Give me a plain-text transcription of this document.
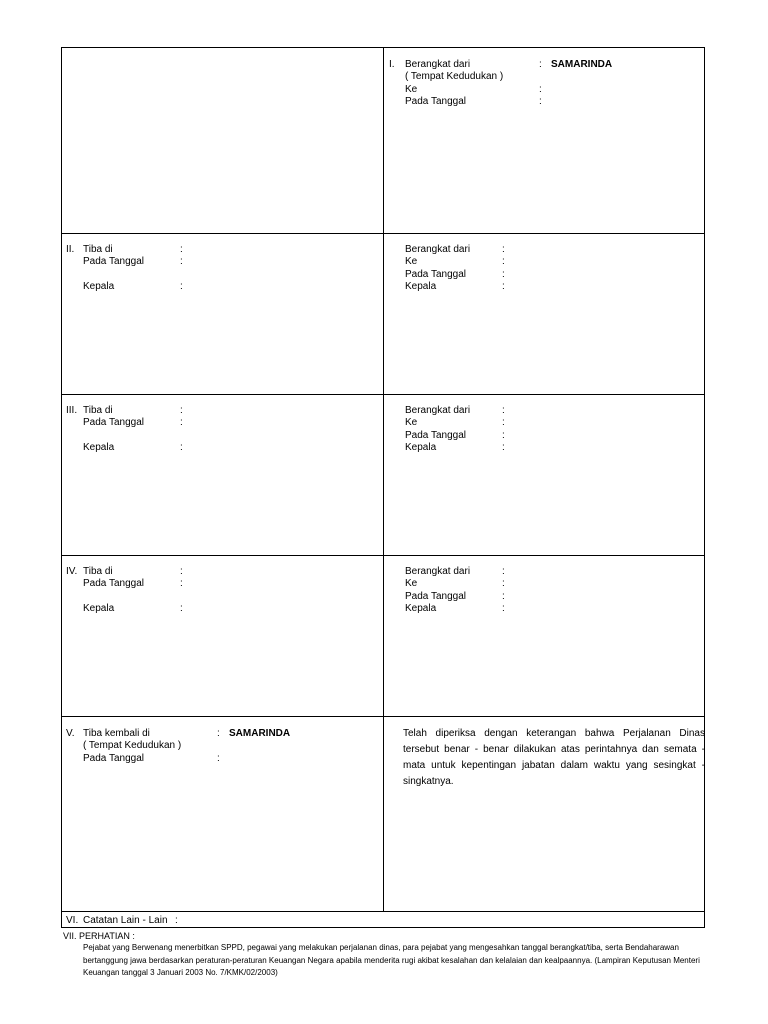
I. Berangkat dari	: SAMARINDA
( Tempat Kedudukan )
Ke	:
Pada Tanggal	:
II. Tiba di	:
Pada Tanggal	:
Kepala	:
Berangkat dari	:
Ke	:
Pada Tanggal	:
Kepala	:
III. Tiba di	:
Pada Tanggal	:
Kepala	:
Berangkat dari	:
Ke	:
Pada Tanggal	:
Kepala	:
IV. Tiba di	:
Pada Tanggal	:
Kepala	:
Berangkat dari	:
Ke	:
Pada Tanggal	:
Kepala	:
V. Tiba kembali di	: SAMARINDA
( Tempat Kedudukan )
Pada Tanggal	:
VI. Catatan Lain - Lain :
Telah diperiksa dengan keterangan bahwa Perjalanan Dinas tersebut benar - benar dilakukan atas perintahnya dan semata - mata untuk kepentingan jabatan dalam waktu yang sesingkat - singkatnya.
VII. PERHATIAN :
Pejabat yang Berwenang menerbitkan SPPD, pegawai yang melakukan perjalanan dinas, para pejabat yang mengesahkan tanggal berangkat/tiba, serta Bendaharawan bertanggung jawa berdasarkan peraturan-peraturan Keuangan Negara apabila menderita rugi akibat kesalahan dan kelalaian dan kealpaannya. (Lampiran Keputusan Menteri Keuangan tanggal 3 Januari 2003 No. 7/KMK/02/2003)
